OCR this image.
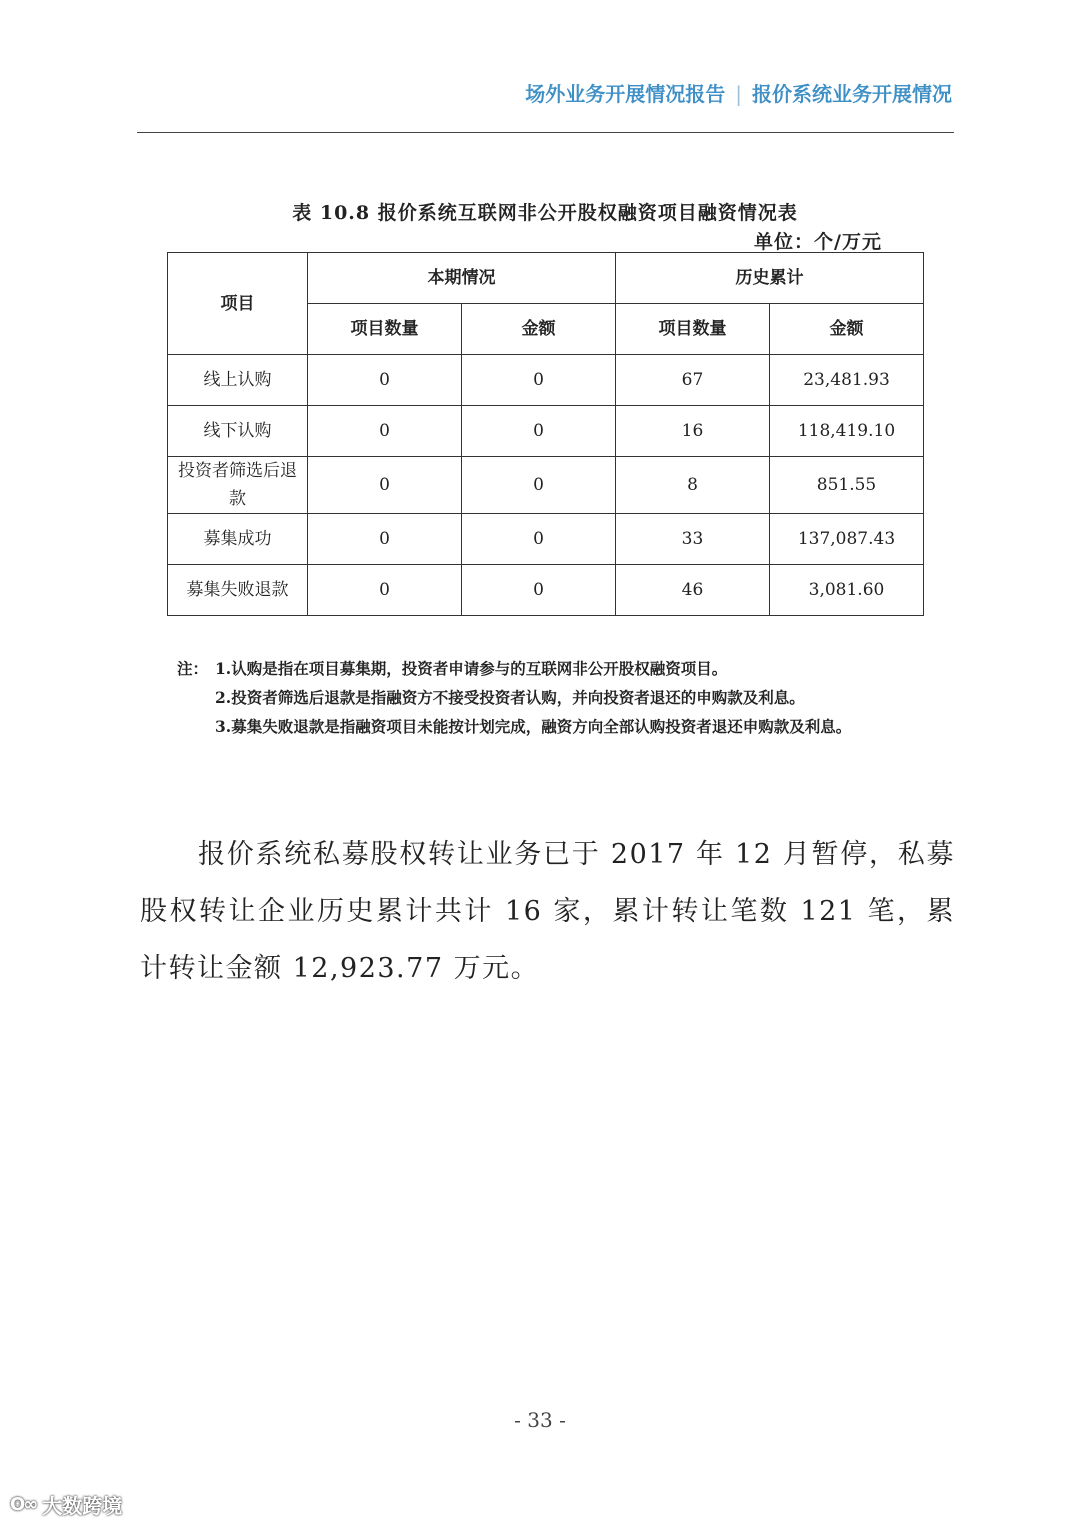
场外业务开展情况报告 | 报价系统业务开展情况
表 10.8 报价系统互联网非公开股权融资项目融资情况表
单位：个/万元
项目	本期情况		历史累计	
	项目数量	金额	项目数量	金额
线上认购	0	0	67	23,481.93
线下认购	0	0	16	118,419.10
投资者筛选后退款	0	0	8	851.55
募集成功	0	0	33	137,087.43
募集失败退款	0	0	46	3,081.60
注： 1.认购是指在项目募集期，投资者申请参与的互联网非公开股权融资项目。
2.投资者筛选后退款是指融资方不接受投资者认购，并向投资者退还的申购款及利息。
3.募集失败退款是指融资项目未能按计划完成，融资方向全部认购投资者退还申购款及利息。
报价系统私募股权转让业务已于 2017 年 12 月暂停，私募股权转让企业历史累计共计 16 家，累计转让笔数 121 笔，累计转让金额 12,923.77 万元。
- 33 -
ʘ∞ 大数跨境
